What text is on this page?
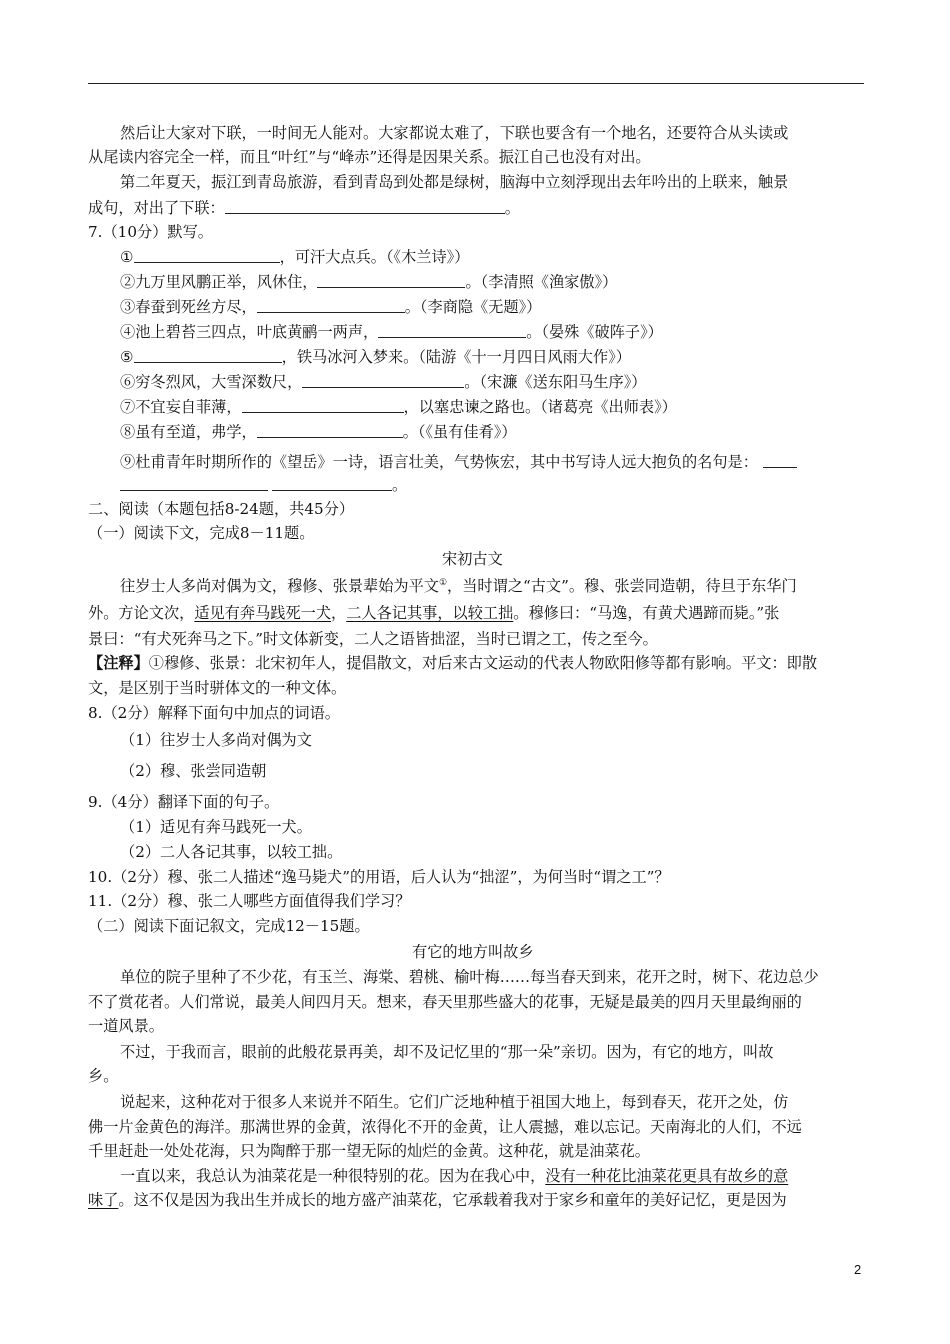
然后让大家对下联，一时间无人能对。大家都说太难了，下联也要含有一个地名，还要符合从头读或
从尾读内容完全一样，而且“叶红”与“峰赤”还得是因果关系。振江自己也没有对出。
第二年夏天，振江到青岛旅游，看到青岛到处都是绿树，脑海中立刻浮现出去年吟出的上联来，触景
成句，对出了下联：	。
7.（10分）默写。
①	，可汗大点兵。（《木兰诗》）
②九万里风鹏正举，风休住，	。（李清照《渔家傲》）
③春蚕到死丝方尽，	。（李商隐《无题》）
④池上碧苔三四点，叶底黄鹂一两声，	。（晏殊《破阵子》）
⑤	，铁马冰河入梦来。（陆游《十一月四日风雨大作》）
⑥穷冬烈风，大雪深数尺，	。（宋濂《送东阳马生序》）
⑦不宜妄自菲薄，	，以塞忠谏之路也。（诸葛亮《出师表》）
⑧虽有至道，弗学，	。（《虽有佳肴》）
⑨杜甫青年时期所作的《望岳》一诗，语言壮美，气势恢宏，其中书写诗人远大抱负的名句是：
。
二、阅读（本题包括8-24题，共45分）
（一）阅读下文，完成8－11题。
宋初古文
往岁士人多尚对偶为文，穆修、张景辈始为平文①，当时谓之“古文”。穆、张尝同造朝，待旦于东华门
外。方论文次，适见有奔马践死一犬，二人各记其事，以较工拙。穆修曰：“马逸，有黄犬遇蹄而毙。”张
景曰：“有犬死奔马之下。”时文体新变，二人之语皆拙涩，当时已谓之工，传之至今。
【注释】①穆修、张景：北宋初年人，提倡散文，对后来古文运动的代表人物欧阳修等都有影响。平文：即散
文，是区别于当时骈体文的一种文体。
8.（2分）解释下面句中加点的词语。
（1）往岁士人多尚对偶为文
（2）穆、张尝同造朝
9.（4分）翻译下面的句子。
（1）适见有奔马践死一犬。
（2）二人各记其事，以较工拙。
10.（2分）穆、张二人描述“逸马毙犬”的用语，后人认为“拙涩”，为何当时“谓之工”？
11.（2分）穆、张二人哪些方面值得我们学习？
（二）阅读下面记叙文，完成12－15题。
有它的地方叫故乡
单位的院子里种了不少花，有玉兰、海棠、碧桃、榆叶梅……每当春天到来，花开之时，树下、花边总少
不了赏花者。人们常说，最美人间四月天。想来，春天里那些盛大的花事，无疑是最美的四月天里最绚丽的
一道风景。
不过，于我而言，眼前的此般花景再美，却不及记忆里的“那一朵”亲切。因为，有它的地方，叫故
乡。
说起来，这种花对于很多人来说并不陌生。它们广泛地种植于祖国大地上，每到春天，花开之处，仿
佛一片金黄色的海洋。那满世界的金黄，浓得化不开的金黄，让人震撼，难以忘记。天南海北的人们，不远
千里赶赴一处处花海，只为陶醉于那一望无际的灿烂的金黄。这种花，就是油菜花。
一直以来，我总认为油菜花是一种很特别的花。因为在我心中，没有一种花比油菜花更具有故乡的意
味了。这不仅是因为我出生并成长的地方盛产油菜花，它承载着我对于家乡和童年的美好记忆，更是因为
2
